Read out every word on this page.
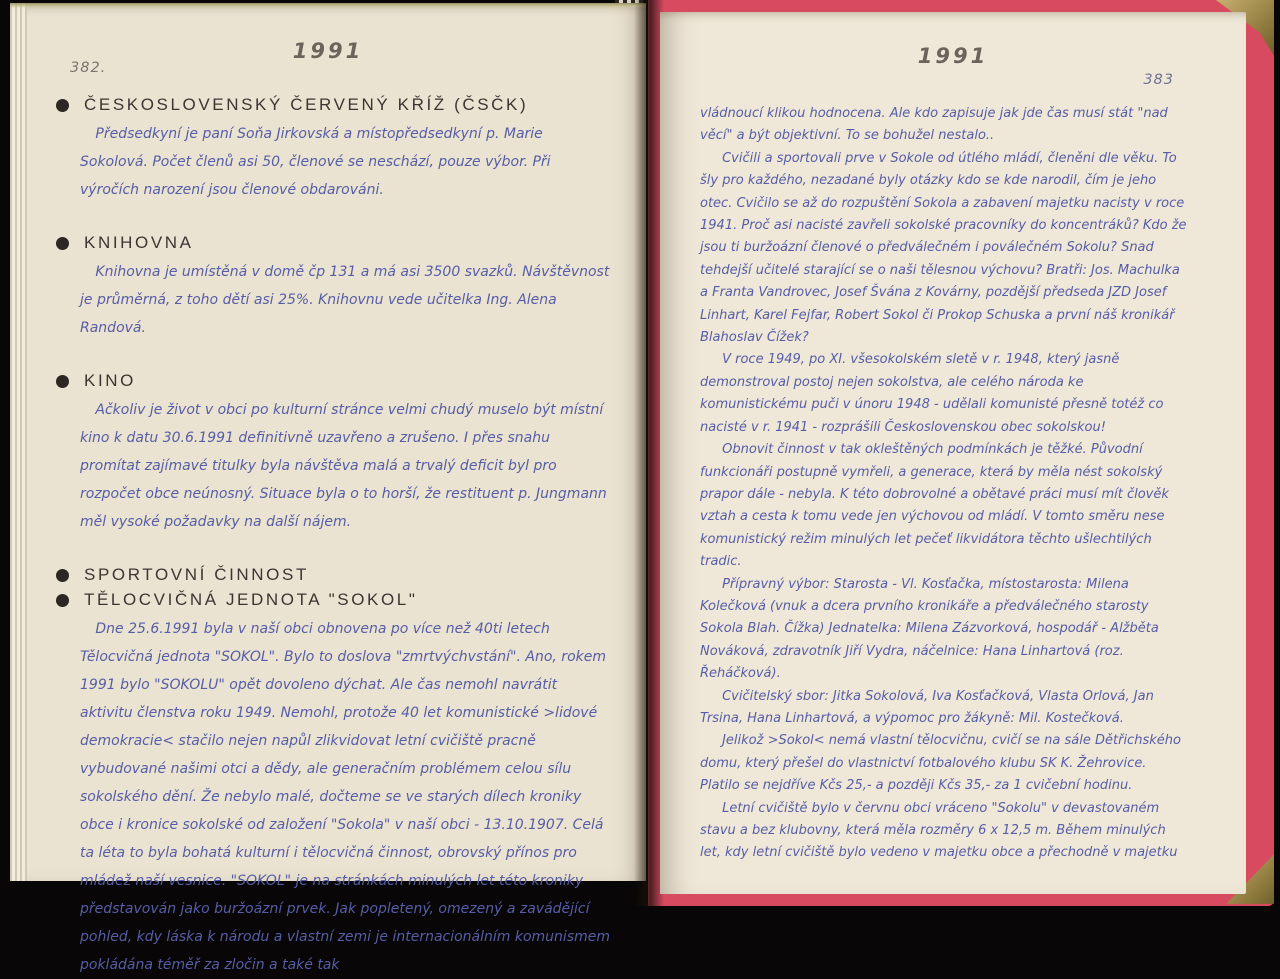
1991
382.
ČESKOSLOVENSKÝ ČERVENÝ KŘÍŽ (ČSČK)

Předsedkyní je paní Soňa Jirkovská a místopředsedkyní p. Marie Sokolová. Počet členů asi 50, členové se neschází, pouze výbor. Při výročích narození jsou členové obdarováni.

KNIHOVNA

Knihovna je umístěná v domě čp 131 a má asi 3500 svazků. Návštěvnost je průměrná, z toho dětí asi 25%. Knihovnu vede učitelka Ing. Alena Randová.

KINO

Ačkoliv je život v obci po kulturní stránce velmi chudý muselo být místní kino k datu 30.6.1991 definitivně uzavřeno a zrušeno. I přes snahu promítat zajímavé titulky byla návštěva malá a trvalý deficit byl pro rozpočet obce neúnosný. Situace byla o to horší, že restituent p. Jungmann měl vysoké požadavky na další nájem.

SPORTOVNÍ ČINNOST
TĚLOCVIČNÁ JEDNOTA "SOKOL"

Dne 25.6.1991 byla v naší obci obnovena po více než 40ti letech Tělocvičná jednota "SOKOL". Bylo to doslova "zmrtvýchvstání". Ano, rokem 1991 bylo "SOKOLU" opět dovoleno dýchat. Ale čas nemohl navrátit aktivitu členstva roku 1949. Nemohl, protože 40 let komunistické >lidové demokracie< stačilo nejen napůl zlikvidovat letní cvičiště pracně vybudované našimi otci a dědy, ale generačním problémem celou sílu sokolského dění. Že nebylo malé, dočteme se ve starých dílech kroniky obce i kronice sokolské od založení "Sokola" v naší obci - 13.10.1907. Celá ta léta to byla bohatá kulturní i tělocvičná činnost, obrovský přínos pro mládež naší vesnice. "SOKOL" je na stránkách minulých let této kroniky představován jako buržoázní prvek. Jak popletený, omezený a zavádějící pohled, kdy láska k národu a vlastní zemi je internacionálním komunismem pokládána téměř za zločin a také tak

1991
383

vládnoucí klikou hodnocena. Ale kdo zapisuje jak jde čas musí stát "nad věcí" a být objektivní. To se bohužel nestalo..

Cvičili a sportovali prve v Sokole od útlého mládí, členěni dle věku. To šly pro každého, nezadané byly otázky kdo se kde narodil, čím je jeho otec. Cvičilo se až do rozpuštění Sokola a zabavení majetku nacisty v roce 1941. Proč asi nacisté zavřeli sokolské pracovníky do koncentráků? Kdo že jsou ti buržoázní členové o předválečném i poválečném Sokolu? Snad tehdejší učitelé starající se o naši tělesnou výchovu? Bratři: Jos. Machulka a Franta Vandrovec, Josef Švána z Kovárny, pozdější předseda JZD Josef Linhart, Karel Fejfar, Robert Sokol či Prokop Schuska a první náš kronikář Blahoslav Čížek?

V roce 1949, po XI. všesokolském sletě v r. 1948, který jasně demonstroval postoj nejen sokolstva, ale celého národa ke komunistickému puči v únoru 1948 - udělali komunisté přesně totéž co nacisté v r. 1941 - rozprášili Československou obec sokolskou!

Obnovit činnost v tak okleštěných podmínkách je těžké. Původní funkcionáři postupně vymřeli, a generace, která by měla nést sokolský prapor dále - nebyla. K této dobrovolné a obětavé práci musí mít člověk vztah a cesta k tomu vede jen výchovou od mládí. V tomto směru nese komunistický režim minulých let pečeť likvidátora těchto ušlechtilých tradic.

Přípravný výbor: Starosta - Vl. Kosťačka, místostarosta: Milena Kolečková (vnuk a dcera prvního kronikáře a předválečného starosty Sokola Blah. Čížka) Jednatelka: Milena Zázvorková, hospodář - Alžběta Nováková, zdravotník Jiří Vydra, náčelnice: Hana Linhartová (roz. Řeháčková).

Cvičitelský sbor: Jitka Sokolová, Iva Kosťačková, Vlasta Orlová, Jan Trsina, Hana Linhartová, a výpomoc pro žákyně: Mil. Kostečková.

Jelikož >Sokol< nemá vlastní tělocvičnu, cvičí se na sále Dětřichského domu, který přešel do vlastnictví fotbalového klubu SK K. Žehrovice. Platilo se nejdříve Kčs 25,- a později Kčs 35,- za 1 cvičební hodinu.

Letní cvičiště bylo v červnu obci vráceno "Sokolu" v devastovaném stavu a bez klubovny, která měla rozměry 6 x 12,5 m. Během minulých let, kdy letní cvičiště bylo vedeno v majetku obce a přechodně v majetku
